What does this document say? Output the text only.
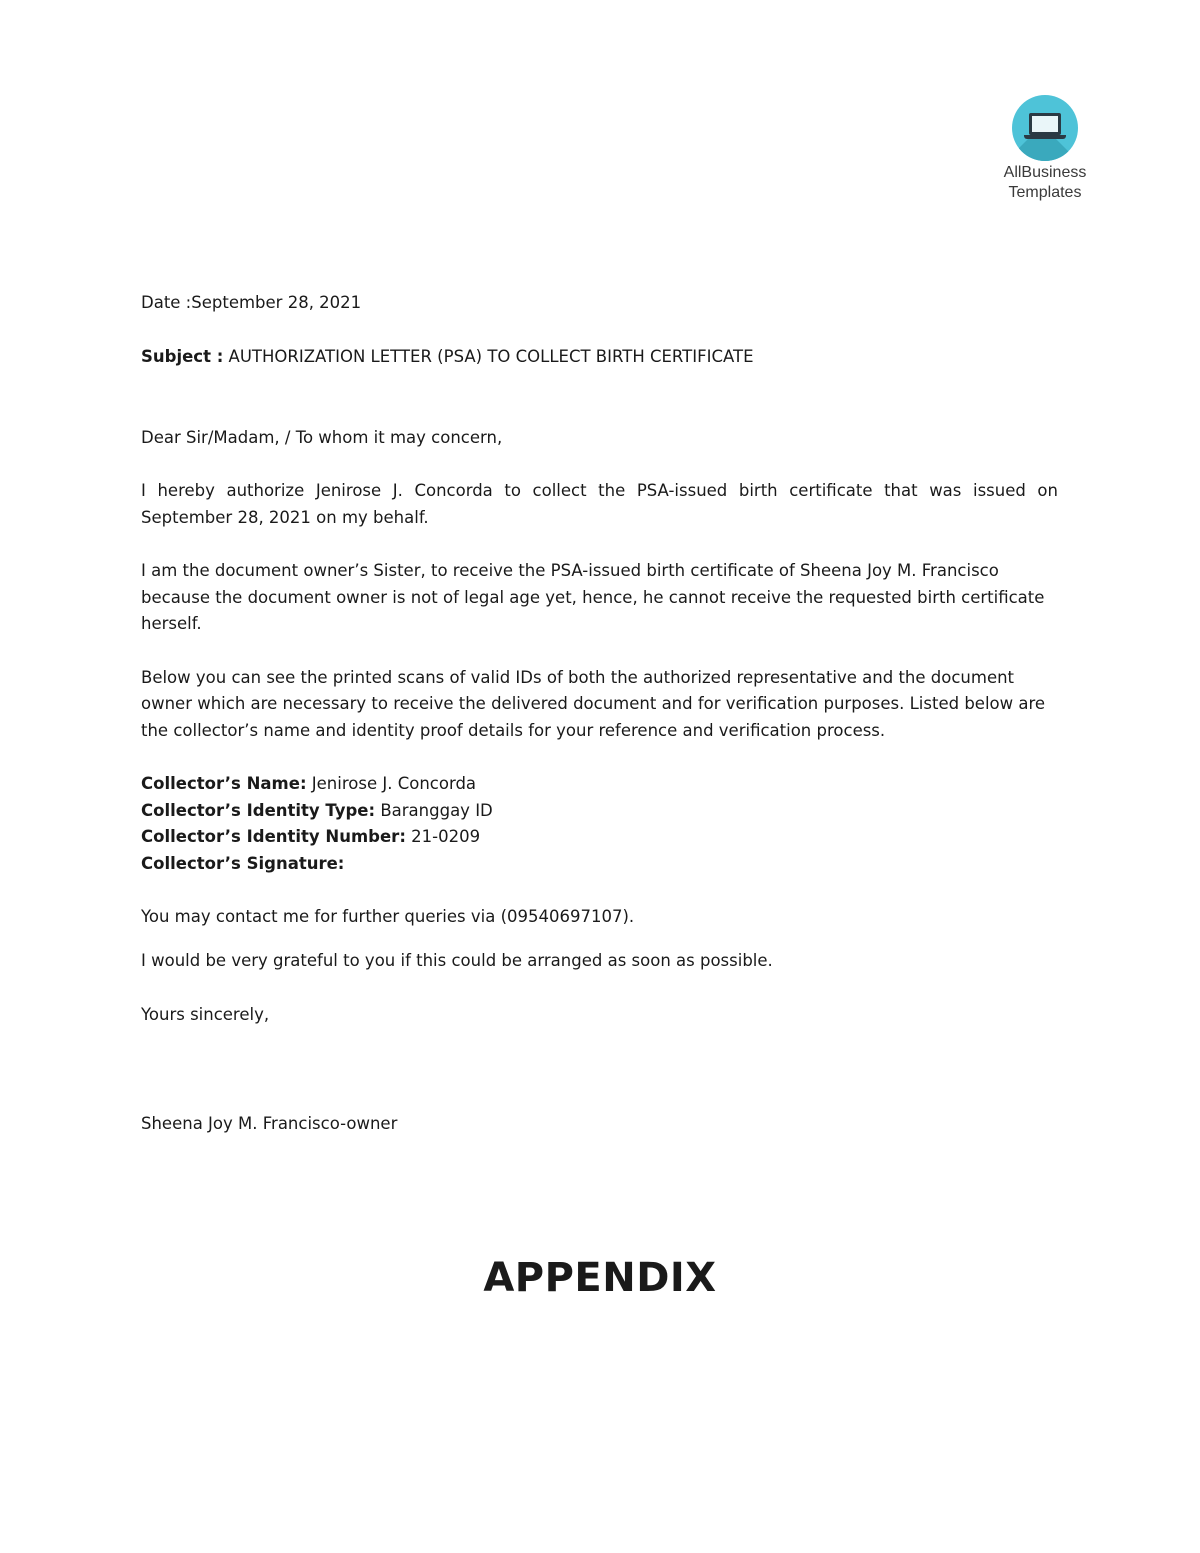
AllBusiness
Templates

Date :September 28, 2021

Subject : AUTHORIZATION LETTER (PSA) TO COLLECT BIRTH CERTIFICATE

Dear Sir/Madam, / To whom it may concern,

I hereby authorize Jenirose J. Concorda to collect the PSA-issued birth certificate that was issued on September 28, 2021 on my behalf.

I am the document owner’s Sister, to receive the PSA-issued birth certificate of Sheena Joy M. Francisco because the document owner is not of legal age yet, hence, he cannot receive the requested birth certificate herself.

Below you can see the printed scans of valid IDs of both the authorized representative and the document owner which are necessary to receive the delivered document and for verification purposes. Listed below are the collector’s name and identity proof details for your reference and verification process.

Collector’s Name: Jenirose J. Concorda

Collector’s Identity Type: Baranggay ID

Collector’s Identity Number: 21-0209

Collector’s Signature:

You may contact me for further queries via (09540697107).

I would be very grateful to you if this could be arranged as soon as possible.

Yours sincerely,

Sheena Joy M. Francisco-owner

APPENDIX
